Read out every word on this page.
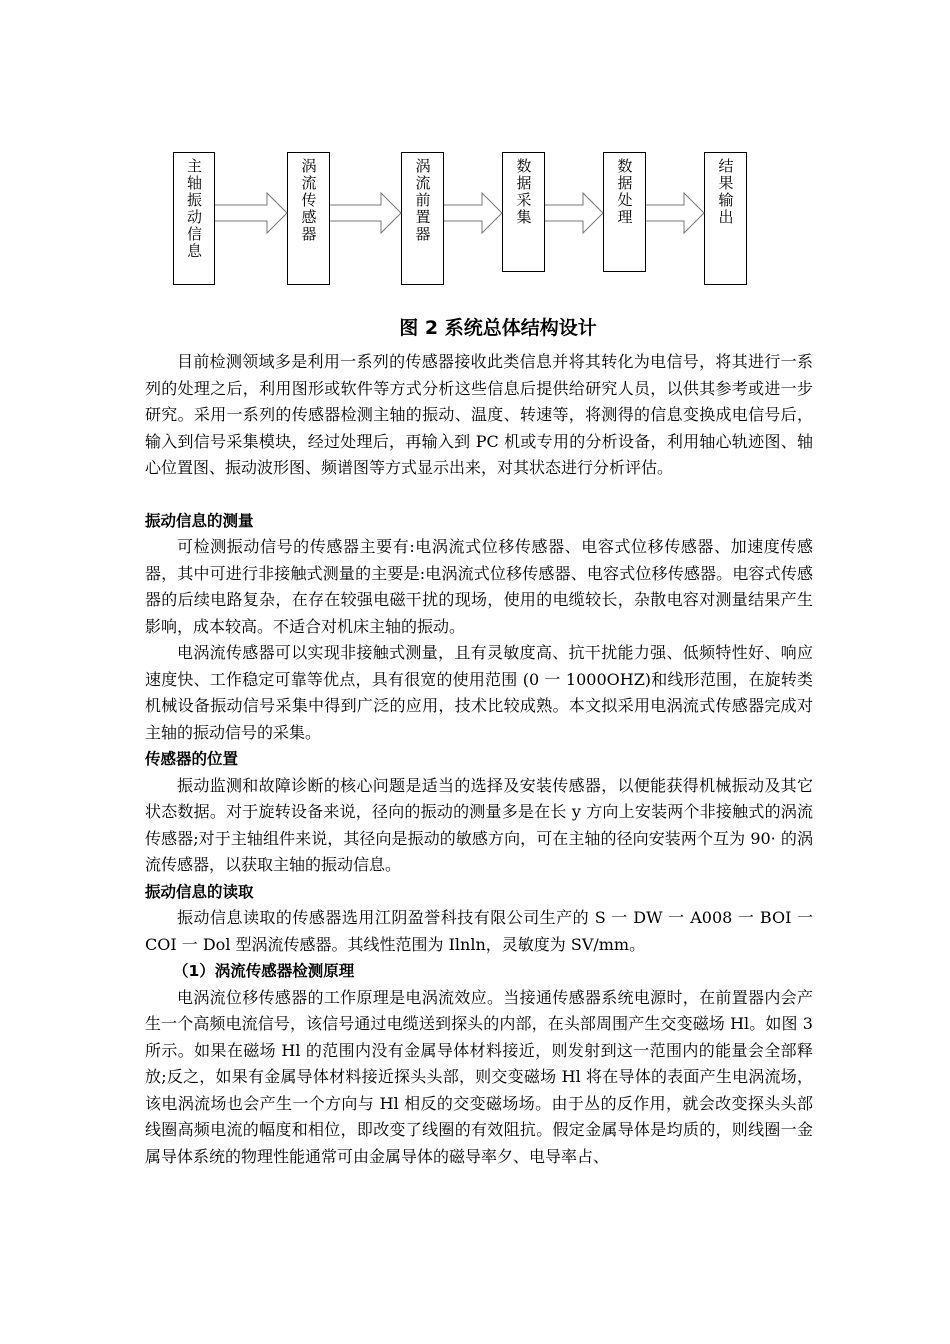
主轴振动信息	涡流传感器	涡流前置器	数据采集	数据处理	结果输出
图 2 系统总体结构设计

目前检测领域多是利用一系列的传感器接收此类信息并将其转化为电信号，将其进行一系列的处理之后，利用图形或软件等方式分析这些信息后提供给研究人员，以供其参考或进一步研究。采用一系列的传感器检测主轴的振动、温度、转速等，将测得的信息变换成电信号后，输入到信号采集模块，经过处理后，再输入到 PC 机或专用的分析设备，利用轴心轨迹图、轴心位置图、振动波形图、频谱图等方式显示出来，对其状态进行分析评估。

振动信息的测量

可检测振动信号的传感器主要有:电涡流式位移传感器、电容式位移传感器、加速度传感器，其中可进行非接触式测量的主要是:电涡流式位移传感器、电容式位移传感器。电容式传感器的后续电路复杂，在存在较强电磁干扰的现场，使用的电缆较长，杂散电容对测量结果产生影响，成本较高。不适合对机床主轴的振动。

电涡流传感器可以实现非接触式测量，且有灵敏度高、抗干扰能力强、低频特性好、响应速度快、工作稳定可靠等优点，具有很宽的使用范围 (0 一 1000OHZ)和线形范围，在旋转类机械设备振动信号采集中得到广泛的应用，技术比较成熟。本文拟采用电涡流式传感器完成对主轴的振动信号的采集。

传感器的位置

振动监测和故障诊断的核心问题是适当的选择及安装传感器，以便能获得机械振动及其它状态数据。对于旋转设备来说，径向的振动的测量多是在长 y 方向上安装两个非接触式的涡流传感器;对于主轴组件来说，其径向是振动的敏感方向，可在主轴的径向安装两个互为 90· 的涡流传感器，以获取主轴的振动信息。

振动信息的读取

振动信息读取的传感器选用江阴盈誉科技有限公司生产的 S 一 DW 一 A008 一 BOI 一 COI 一 Dol 型涡流传感器。其线性范围为 Ilnln，灵敏度为 SV/mm。

（1）涡流传感器检测原理

电涡流位移传感器的工作原理是电涡流效应。当接通传感器系统电源时，在前置器内会产生一个高频电流信号，该信号通过电缆送到探头的内部，在头部周围产生交变磁场 Hl。如图 3 所示。如果在磁场 Hl 的范围内没有金属导体材料接近，则发射到这一范围内的能量会全部释放;反之，如果有金属导体材料接近探头头部，则交变磁场 Hl 将在导体的表面产生电涡流场，该电涡流场也会产生一个方向与 Hl 相反的交变磁场场。由于丛的反作用，就会改变探头头部线圈高频电流的幅度和相位，即改变了线圈的有效阻抗。假定金属导体是均质的，则线圈一金属导体系统的物理性能通常可由金属导体的磁导率夕、电导率占、
